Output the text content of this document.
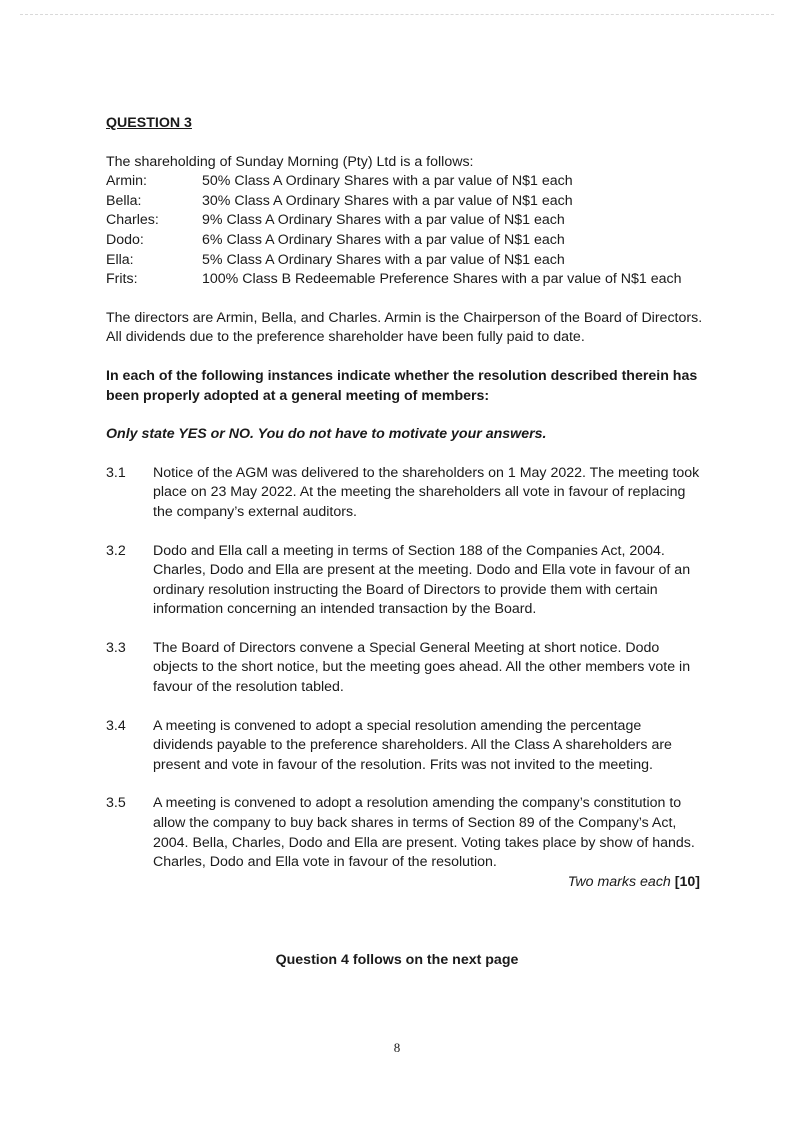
QUESTION 3

The shareholding of Sunday Morning (Pty) Ltd is a follows:

Armin:	50% Class A Ordinary Shares with a par value of N$1 each
Bella:	30% Class A Ordinary Shares with a par value of N$1 each
Charles:	9% Class A Ordinary Shares with a par value of N$1 each
Dodo:	6% Class A Ordinary Shares with a par value of N$1 each
Ella:	5% Class A Ordinary Shares with a par value of N$1 each
Frits:	100% Class B Redeemable Preference Shares with a par value of N$1 each

The directors are Armin, Bella, and Charles. Armin is the Chairperson of the Board of Directors. All dividends due to the preference shareholder have been fully paid to date.

In each of the following instances indicate whether the resolution described therein has been properly adopted at a general meeting of members:

Only state YES or NO. You do not have to motivate your answers.

3.1	Notice of the AGM was delivered to the shareholders on 1 May 2022. The meeting took place on 23 May 2022. At the meeting the shareholders all vote in favour of replacing the company’s external auditors.
3.2	Dodo and Ella call a meeting in terms of Section 188 of the Companies Act, 2004. Charles, Dodo and Ella are present at the meeting. Dodo and Ella vote in favour of an ordinary resolution instructing the Board of Directors to provide them with certain information concerning an intended transaction by the Board.
3.3	The Board of Directors convene a Special General Meeting at short notice. Dodo objects to the short notice, but the meeting goes ahead. All the other members vote in favour of the resolution tabled.
3.4	A meeting is convened to adopt a special resolution amending the percentage dividends payable to the preference shareholders. All the Class A shareholders are present and vote in favour of the resolution. Frits was not invited to the meeting.
3.5	A meeting is convened to adopt a resolution amending the company’s constitution to allow the company to buy back shares in terms of Section 89 of the Company’s Act, 2004. Bella, Charles, Dodo and Ella are present. Voting takes place by show of hands. Charles, Dodo and Ella vote in favour of the resolution.

Two marks each [10]

Question 4 follows on the next page
8
